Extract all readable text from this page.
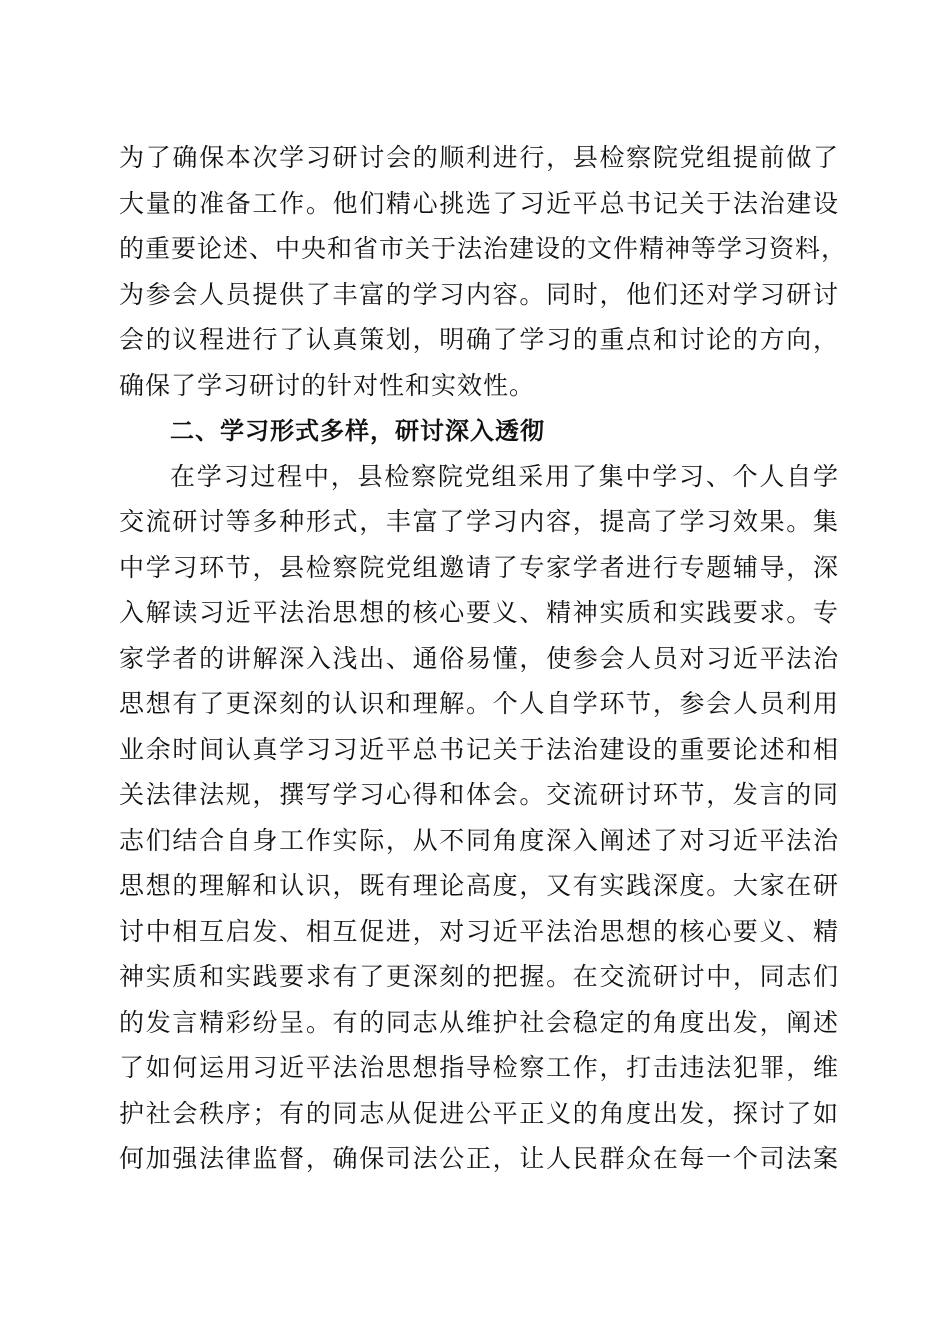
为了确保本次学习研讨会的顺利进行，县检察院党组提前做了
大量的准备工作。他们精心挑选了习近平总书记关于法治建设
的重要论述、中央和省市关于法治建设的文件精神等学习资料，
为参会人员提供了丰富的学习内容。同时，他们还对学习研讨
会的议程进行了认真策划，明确了学习的重点和讨论的方向，
确保了学习研讨的针对性和实效性。
二、学习形式多样，研讨深入透彻
在学习过程中，县检察院党组采用了集中学习、个人自学
交流研讨等多种形式，丰富了学习内容，提高了学习效果。集
中学习环节，县检察院党组邀请了专家学者进行专题辅导，深
入解读习近平法治思想的核心要义、精神实质和实践要求。专
家学者的讲解深入浅出、通俗易懂，使参会人员对习近平法治
思想有了更深刻的认识和理解。个人自学环节，参会人员利用
业余时间认真学习习近平总书记关于法治建设的重要论述和相
关法律法规，撰写学习心得和体会。交流研讨环节，发言的同
志们结合自身工作实际，从不同角度深入阐述了对习近平法治
思想的理解和认识，既有理论高度，又有实践深度。大家在研
讨中相互启发、相互促进，对习近平法治思想的核心要义、精
神实质和实践要求有了更深刻的把握。在交流研讨中，同志们
的发言精彩纷呈。有的同志从维护社会稳定的角度出发，阐述
了如何运用习近平法治思想指导检察工作，打击违法犯罪，维
护社会秩序；有的同志从促进公平正义的角度出发，探讨了如
何加强法律监督，确保司法公正，让人民群众在每一个司法案
